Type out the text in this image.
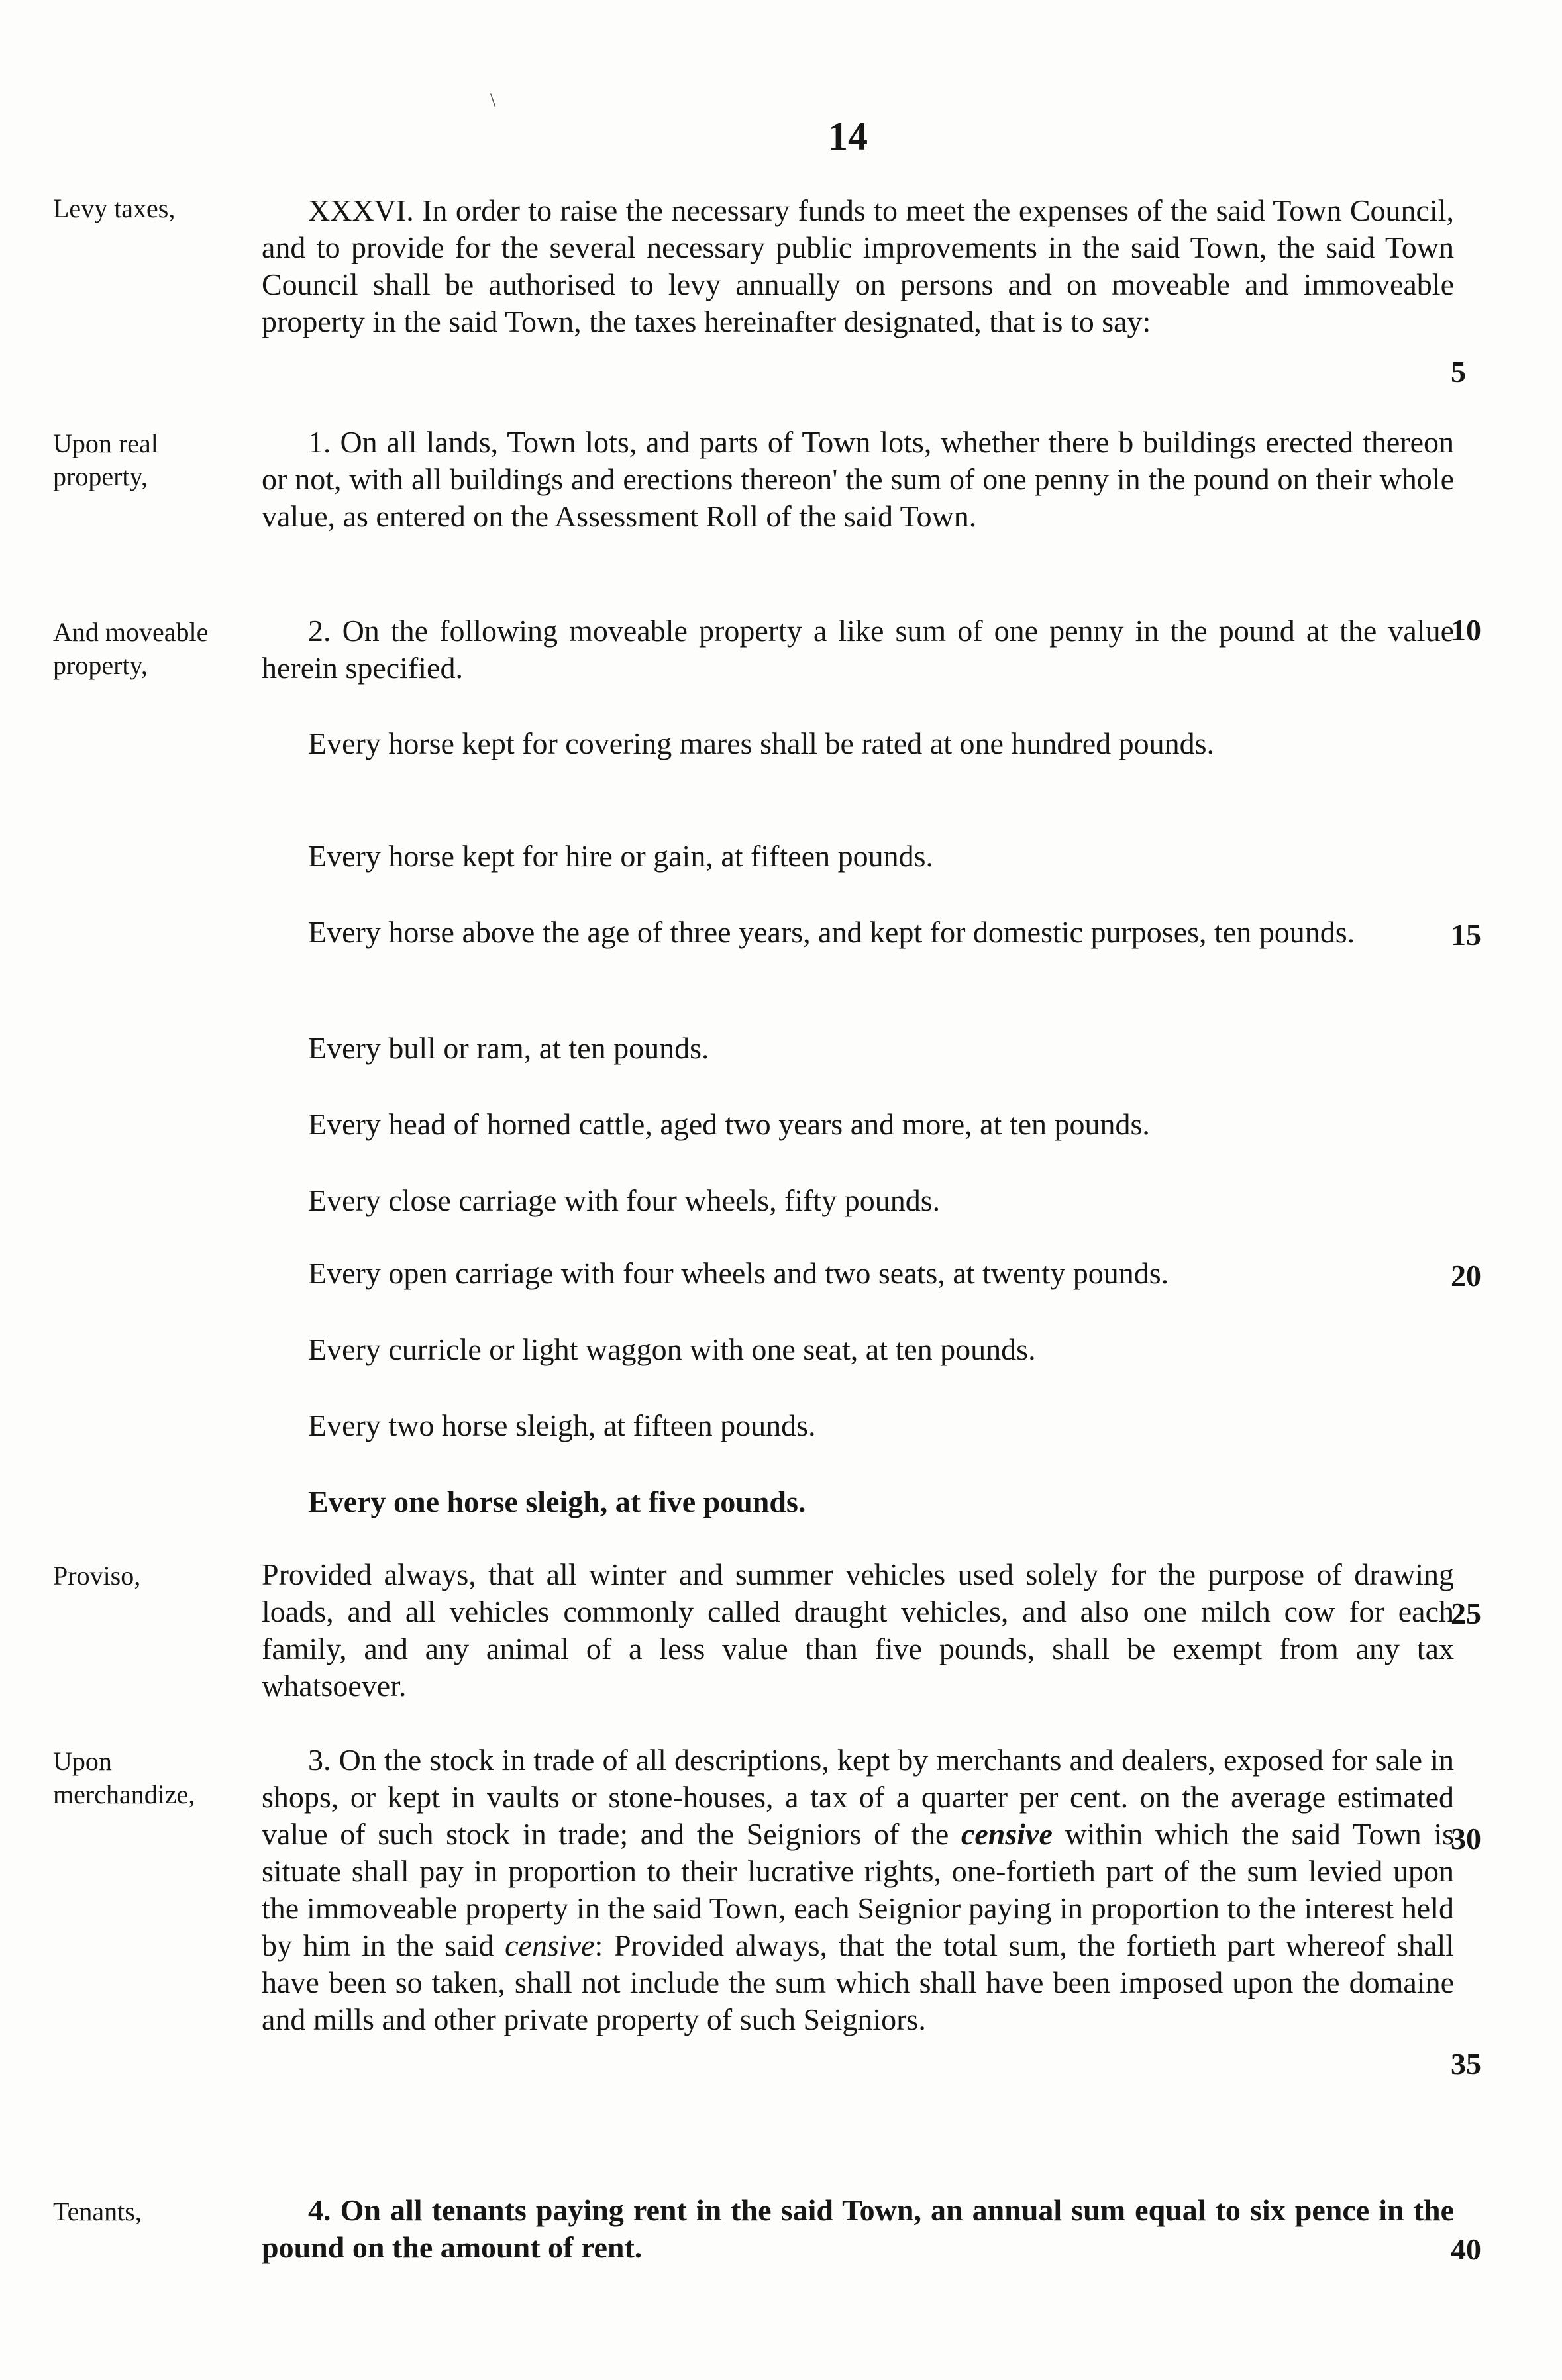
\
14
Levy taxes,	XXXVI. In order to raise the necessary funds to meet the expenses of the said Town Council, and to provide for the several necessary public improvements in the said Town, the said Town Council shall be authorised to levy annually on persons and on moveable and immoveable property in the said Town, the taxes hereinafter designated, that is to say:
Upon real property,
1. On all lands, Town lots, and parts of Town lots, whether there b buildings erected thereon or not, with all buildings and erections thereon' the sum of one penny in the pound on their whole value, as entered on the Assessment Roll of the said Town.
And moveable property,
2. On the following moveable property a like sum of one penny in the pound at the value herein specified.
Every horse kept for covering mares shall be rated at one hundred pounds.
Every horse kept for hire or gain, at fifteen pounds.
Every horse above the age of three years, and kept for domestic purposes, ten pounds.
Every bull or ram, at ten pounds.
Every head of horned cattle, aged two years and more, at ten pounds.
Every close carriage with four wheels, fifty pounds.
Every open carriage with four wheels and two seats, at twenty pounds.
Every curricle or light waggon with one seat, at ten pounds.
Every two horse sleigh, at fifteen pounds.
Every one horse sleigh, at five pounds.
Proviso,	Provided always, that all winter and summer vehicles used solely for the purpose of drawing loads, and all vehicles commonly called draught vehicles, and also one milch cow for each family, and any animal of a less value than five pounds, shall be exempt from any tax whatsoever.
Upon merchandize,
3. On the stock in trade of all descriptions, kept by merchants and dealers, exposed for sale in shops, or kept in vaults or stone-houses, a tax of a quarter per cent. on the average estimated value of such stock in trade; and the Seigniors of the censive within which the said Town is situate shall pay in proportion to their lucrative rights, one-fortieth part of the sum levied upon the immoveable property in the said Town, each Seignior paying in proportion to the interest held by him in the said censive: Provided always, that the total sum, the fortieth part whereof shall have been so taken, shall not include the sum which shall have been imposed upon the domaine and mills and other private property of such Seigniors.
Tenants,	4. On all tenants paying rent in the said Town, an annual sum equal to six pence in the pound on the amount of rent.
5
10
15
20
25
30
35
40
